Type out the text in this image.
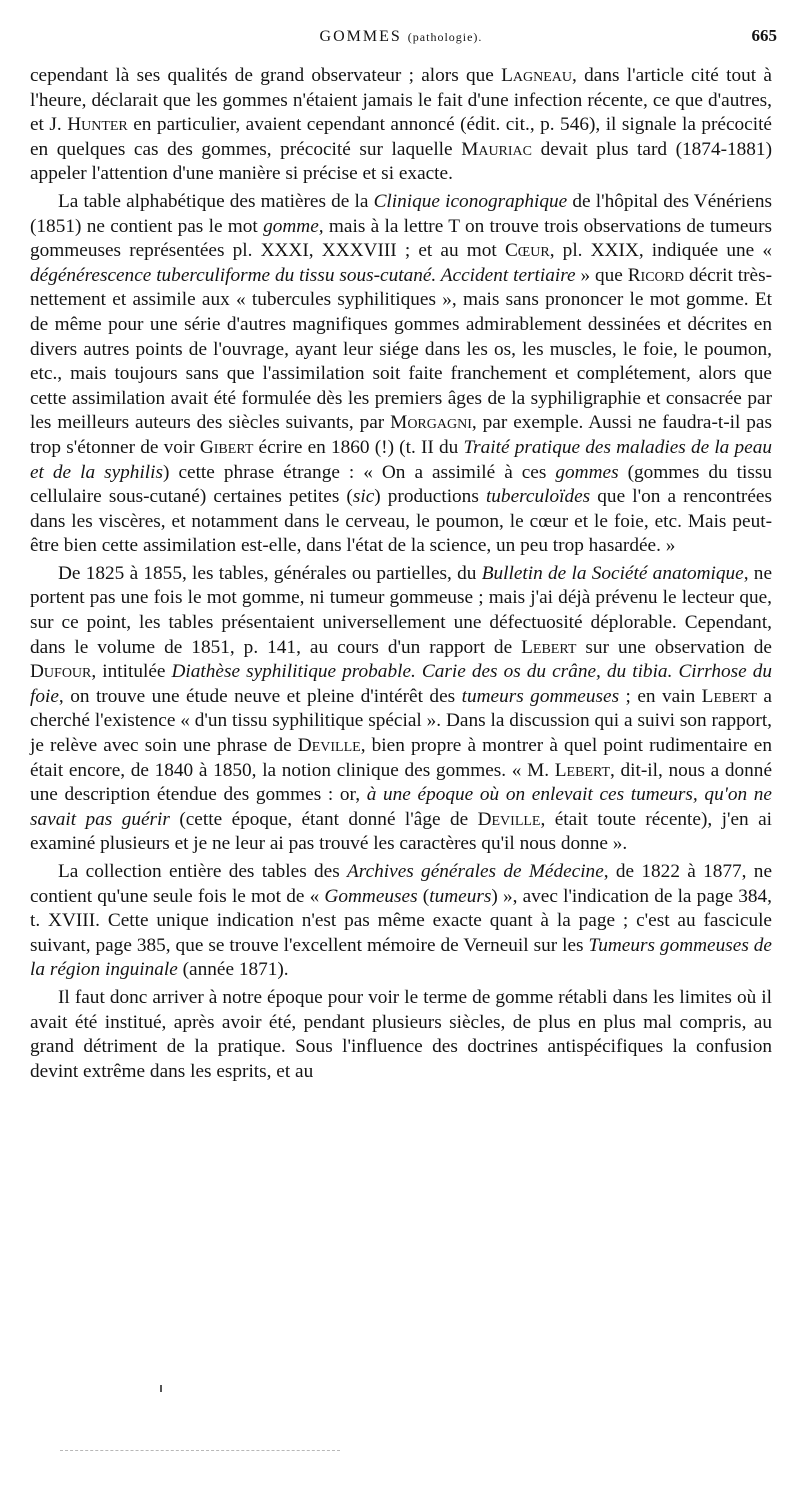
GOMMES (pathologie).	665

cependant là ses qualités de grand observateur ; alors que Lagneau, dans l'article cité tout à l'heure, déclarait que les gommes n'étaient jamais le fait d'une infection récente, ce que d'autres, et J. Hunter en particulier, avaient cependant annoncé (édit. cit., p. 546), il signale la précocité en quelques cas des gommes, précocité sur laquelle Mauriac devait plus tard (1874-1881) appeler l'attention d'une manière si précise et si exacte.

La table alphabétique des matières de la Clinique iconographique de l'hôpital des Vénériens (1851) ne contient pas le mot gomme, mais à la lettre T on trouve trois observations de tumeurs gommeuses représentées pl. XXXI, XXXVIII ; et au mot Cœur, pl. XXIX, indiquée une « dégénérescence tuberculiforme du tissu sous-cutané. Accident tertiaire » que Ricord décrit très-nettement et assimile aux « tubercules syphilitiques », mais sans prononcer le mot gomme. Et de même pour une série d'autres magnifiques gommes admirablement dessinées et décrites en divers autres points de l'ouvrage, ayant leur siége dans les os, les muscles, le foie, le poumon, etc., mais toujours sans que l'assimilation soit faite franchement et complétement, alors que cette assimilation avait été formulée dès les premiers âges de la syphiligraphie et consacrée par les meilleurs auteurs des siècles suivants, par Morgagni, par exemple. Aussi ne faudra-t-il pas trop s'étonner de voir Gibert écrire en 1860 (!) (t. II du Traité pratique des maladies de la peau et de la syphilis) cette phrase étrange : « On a assimilé à ces gommes (gommes du tissu cellulaire sous-cutané) certaines petites (sic) productions tuberculoïdes que l'on a rencontrées dans les viscères, et notamment dans le cerveau, le poumon, le cœur et le foie, etc. Mais peut-être bien cette assimilation est-elle, dans l'état de la science, un peu trop hasardée. »

De 1825 à 1855, les tables, générales ou partielles, du Bulletin de la Société anatomique, ne portent pas une fois le mot gomme, ni tumeur gommeuse ; mais j'ai déjà prévenu le lecteur que, sur ce point, les tables présentaient universellement une défectuosité déplorable. Cependant, dans le volume de 1851, p. 141, au cours d'un rapport de Lebert sur une observation de Dufour, intitulée Diathèse syphilitique probable. Carie des os du crâne, du tibia. Cirrhose du foie, on trouve une étude neuve et pleine d'intérêt des tumeurs gommeuses ; en vain Lebert a cherché l'existence « d'un tissu syphilitique spécial ». Dans la discussion qui a suivi son rapport, je relève avec soin une phrase de Deville, bien propre à montrer à quel point rudimentaire en était encore, de 1840 à 1850, la notion clinique des gommes. « M. Lebert, dit-il, nous a donné une description étendue des gommes : or, à une époque où on enlevait ces tumeurs, qu'on ne savait pas guérir (cette époque, étant donné l'âge de Deville, était toute récente), j'en ai examiné plusieurs et je ne leur ai pas trouvé les caractères qu'il nous donne ».

La collection entière des tables des Archives générales de Médecine, de 1822 à 1877, ne contient qu'une seule fois le mot de « Gommeuses (tumeurs) », avec l'indication de la page 384, t. XVIII. Cette unique indication n'est pas même exacte quant à la page ; c'est au fascicule suivant, page 385, que se trouve l'excellent mémoire de Verneuil sur les Tumeurs gommeuses de la région inguinale (année 1871).

Il faut donc arriver à notre époque pour voir le terme de gomme rétabli dans les limites où il avait été institué, après avoir été, pendant plusieurs siècles, de plus en plus mal compris, au grand détriment de la pratique. Sous l'influence des doctrines antispécifiques la confusion devint extrême dans les esprits, et au
